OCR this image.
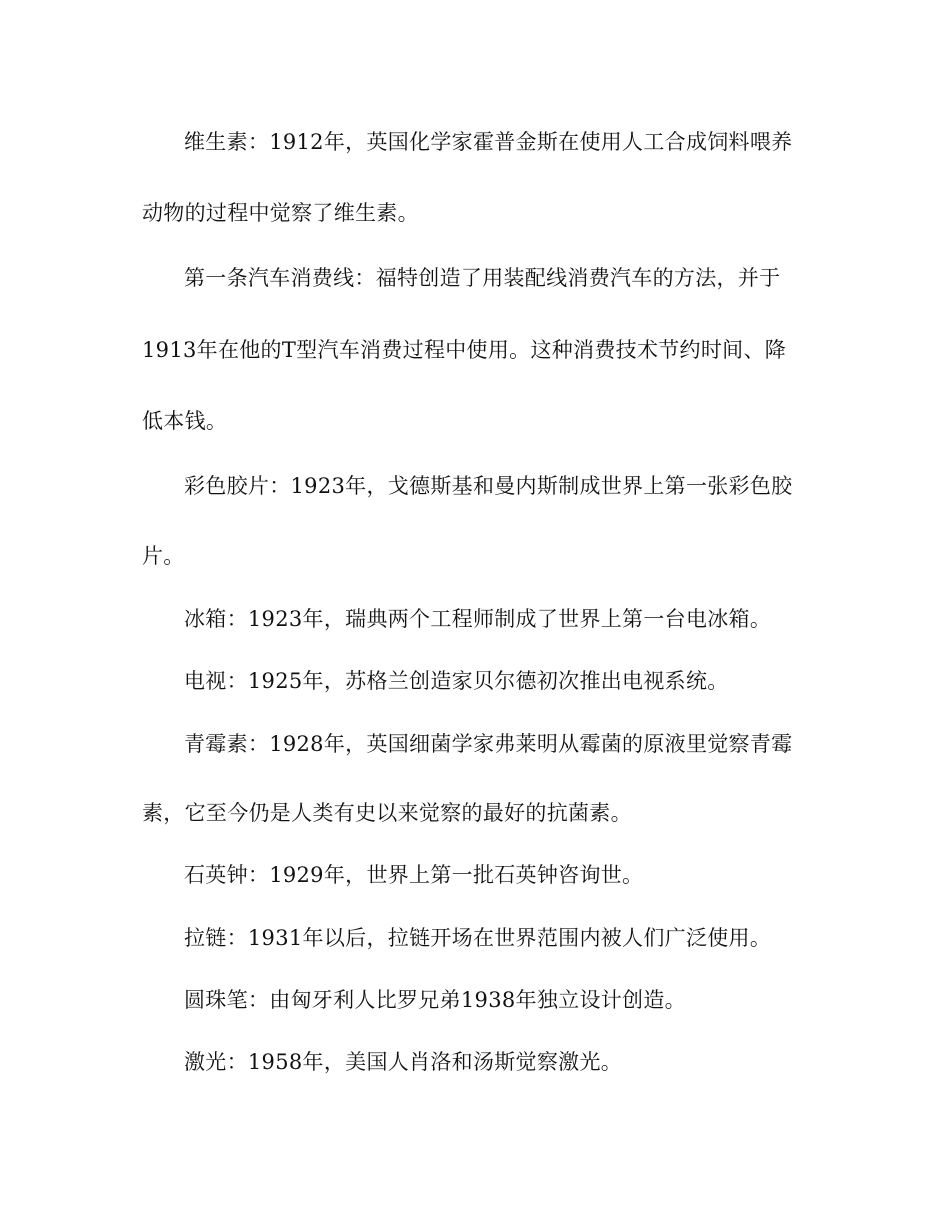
维生素：1912年，英国化学家霍普金斯在使用人工合成饲料喂养
动物的过程中觉察了维生素。
第一条汽车消费线：福特创造了用装配线消费汽车的方法，并于
1913年在他的T型汽车消费过程中使用。这种消费技术节约时间、降
低本钱。
彩色胶片：1923年，戈德斯基和曼内斯制成世界上第一张彩色胶
片。
冰箱：1923年，瑞典两个工程师制成了世界上第一台电冰箱。
电视：1925年，苏格兰创造家贝尔德初次推出电视系统。
青霉素：1928年，英国细菌学家弗莱明从霉菌的原液里觉察青霉
素，它至今仍是人类有史以来觉察的最好的抗菌素。
石英钟：1929年，世界上第一批石英钟咨询世。
拉链：1931年以后，拉链开场在世界范围内被人们广泛使用。
圆珠笔：由匈牙利人比罗兄弟1938年独立设计创造。
激光：1958年，美国人肖洛和汤斯觉察激光。
